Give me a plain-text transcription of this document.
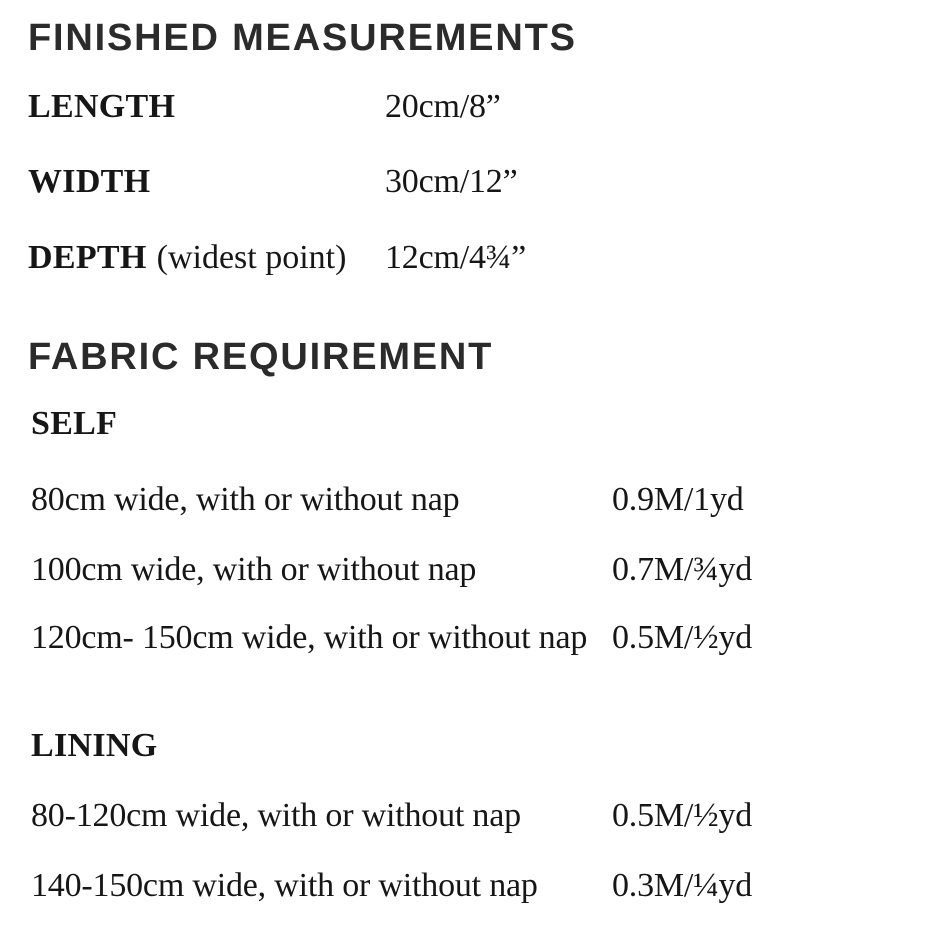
FINISHED MEASUREMENTS
LENGTH	20cm/8”
WIDTH	30cm/12”
DEPTH (widest point) 12cm/4¾”
FABRIC REQUIREMENT
SELF
80cm wide, with or without nap	0.9M/1yd
100cm wide, with or without nap	0.7M/¾yd
120cm- 150cm wide, with or without nap 0.5M/½yd
LINING
80-120cm wide, with or without nap	0.5M/½yd
140-150cm wide, with or without nap 0.3M/¼yd
